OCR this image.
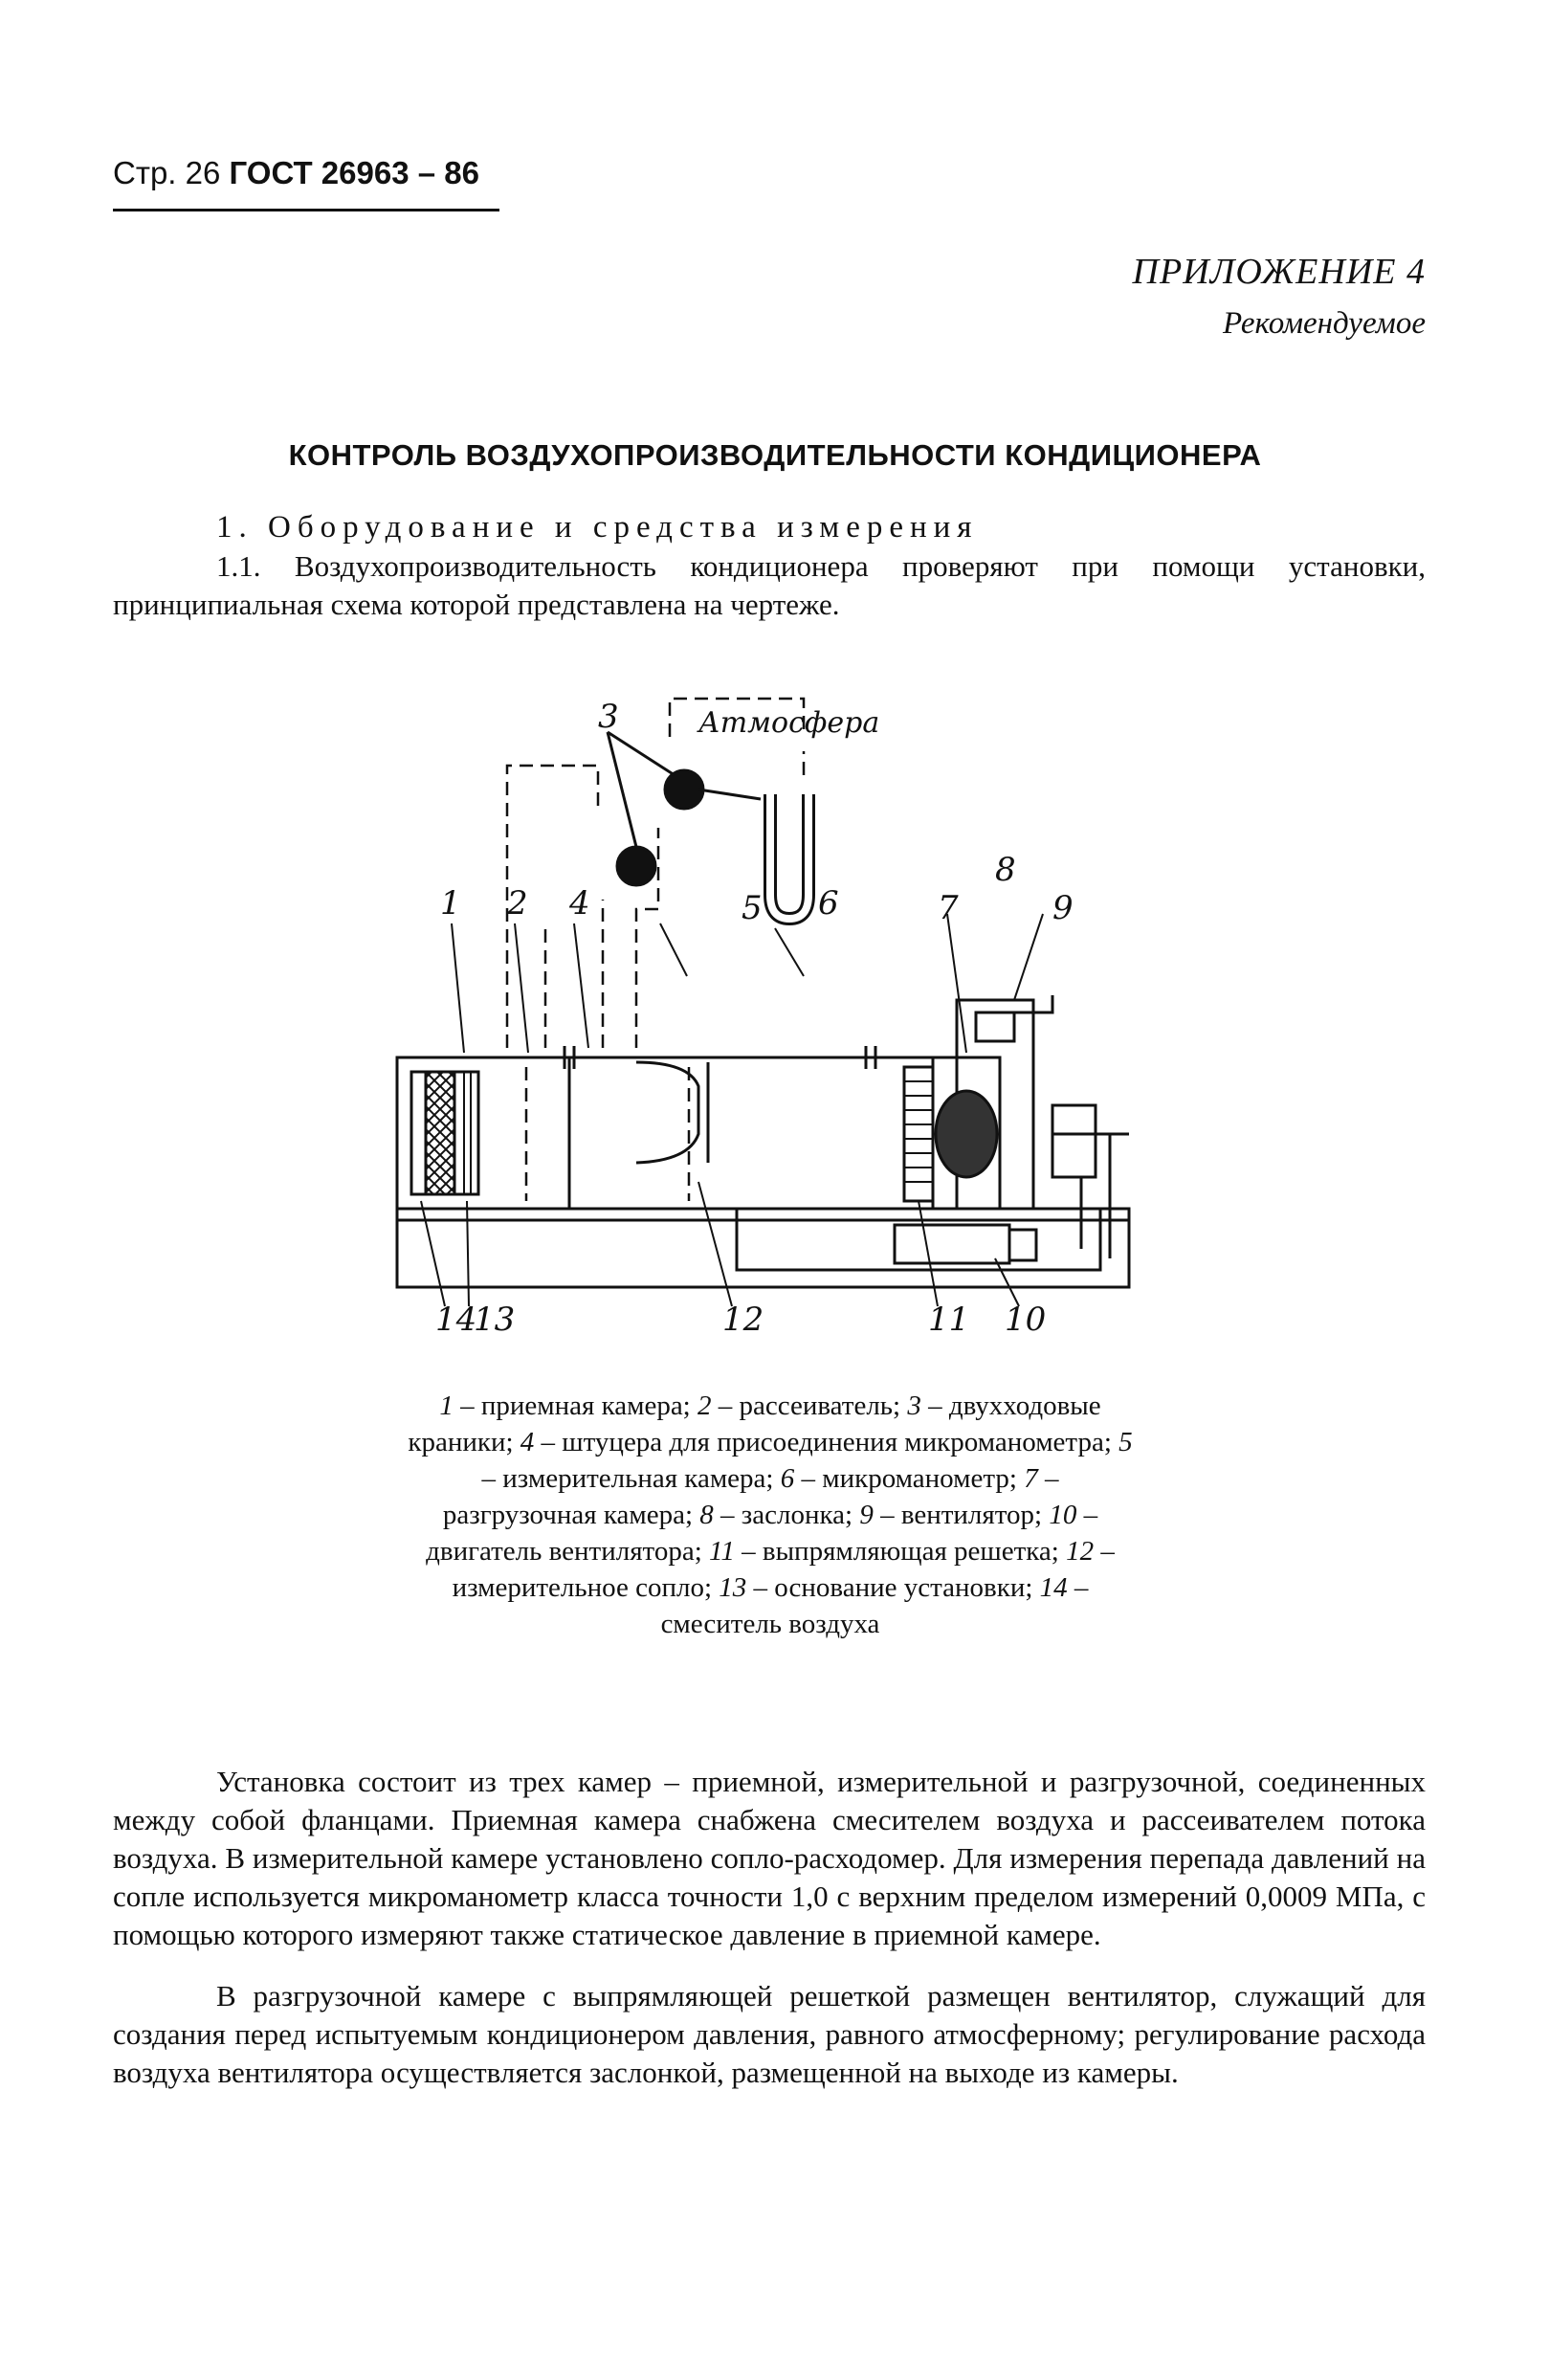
Стр. 26 ГОСТ 26963 – 86
ПРИЛОЖЕНИЕ 4
Рекомендуемое
КОНТРОЛЬ ВОЗДУХОПРОИЗВОДИТЕЛЬНОСТИ КОНДИЦИОНЕРА
1. Оборудование и средства измерения
1.1. Воздухопроизводительность кондиционера проверяют при помощи установки, принципиальная схема которой представлена на чертеже.
1 2
3
4	5 6	7
8
9
14
13	12	11 10
Атмосфера
1 – приемная камера; 2 – рассеиватель; 3 – двухходовые краники; 4 – штуцера для присоединения микроманометра; 5 – измерительная камера; 6 – микроманометр; 7 – разгрузочная камера; 8 – заслонка; 9 – вентилятор; 10 – двигатель вентилятора; 11 – выпрямляющая решетка; 12 – измерительное сопло; 13 – основание установки; 14 – смеситель воздуха
Установка состоит из трех камер – приемной, измерительной и разгрузочной, соединенных между собой фланцами. Приемная камера снабжена смесителем воздуха и рассеивателем потока воздуха. В измерительной камере установлено сопло-расходомер. Для измерения перепада давлений на сопле используется микроманометр класса точности 1,0 с верхним пределом измерений 0,0009 МПа, с помощью которого измеряют также статическое давление в приемной камере.
В разгрузочной камере с выпрямляющей решеткой размещен вентилятор, служащий для создания перед испытуемым кондиционером давления, равного атмосферному; регулирование расхода воздуха вентилятора осуществляется заслонкой, размещенной на выходе из камеры.
